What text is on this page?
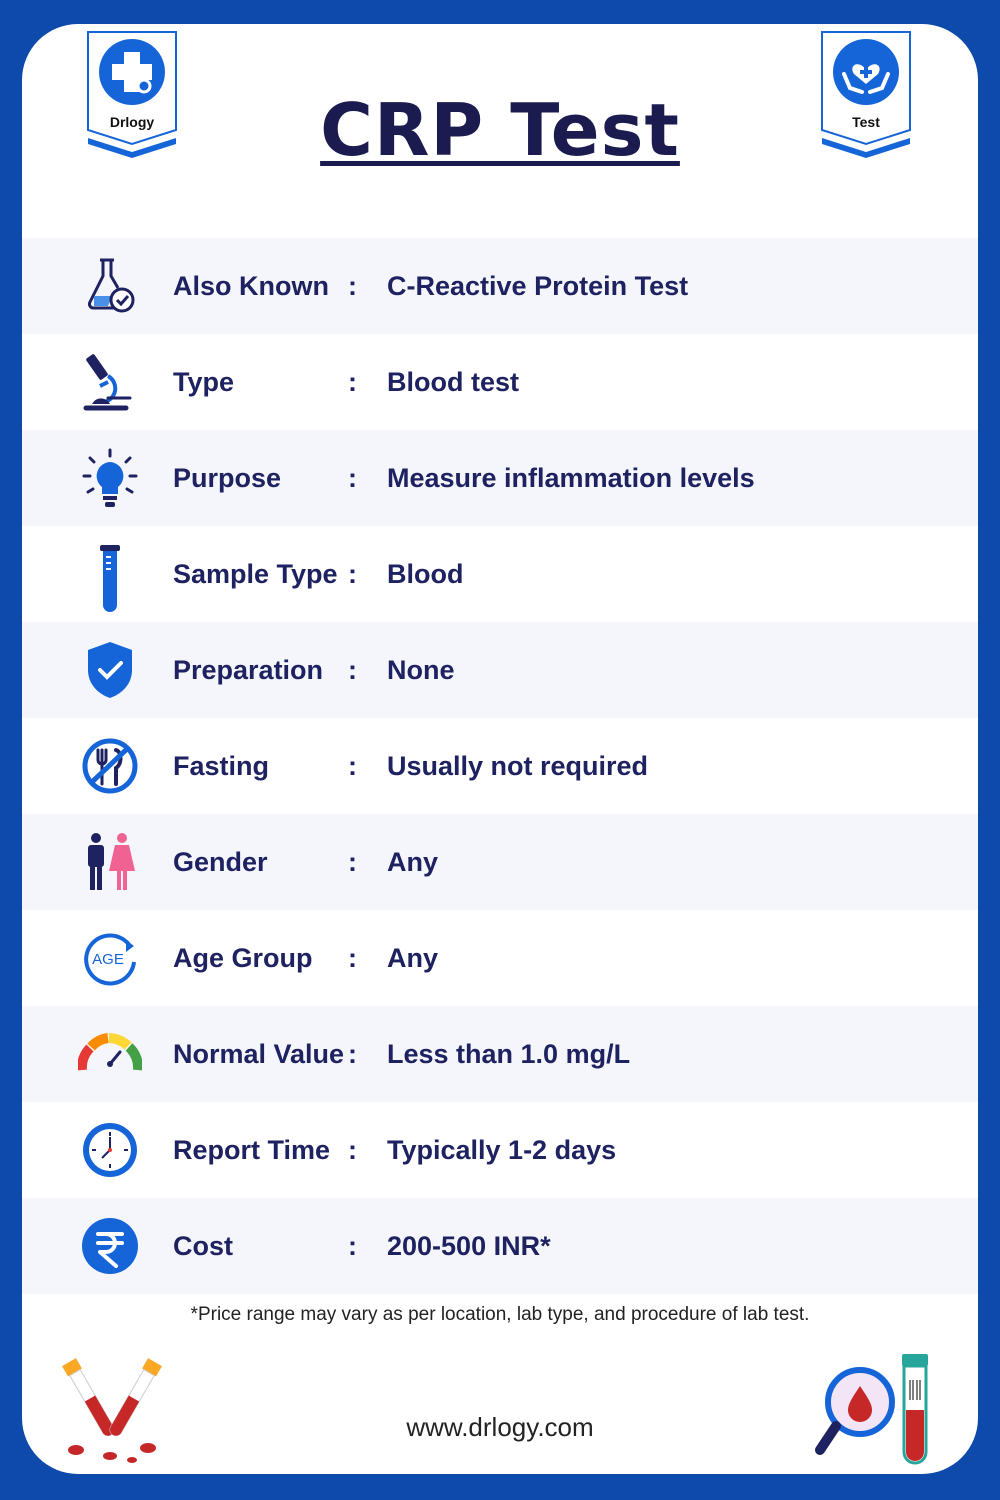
Drlogy	Test
CRP Test
Also Known : C-Reactive Protein Test
Type	: Blood test
Purpose : Measure inflammation levels
Sample Type : Blood
Preparation : None
Fasting	: Usually not required
Gender	: Any
AGE Age Group : Any
Normal Value : Less than 1.0 mg/L
Report Time : Typically 1-2 days
Cost	: 200-500 INR*
*Price range may vary as per location, lab type, and procedure of lab test.
www.drlogy.com
